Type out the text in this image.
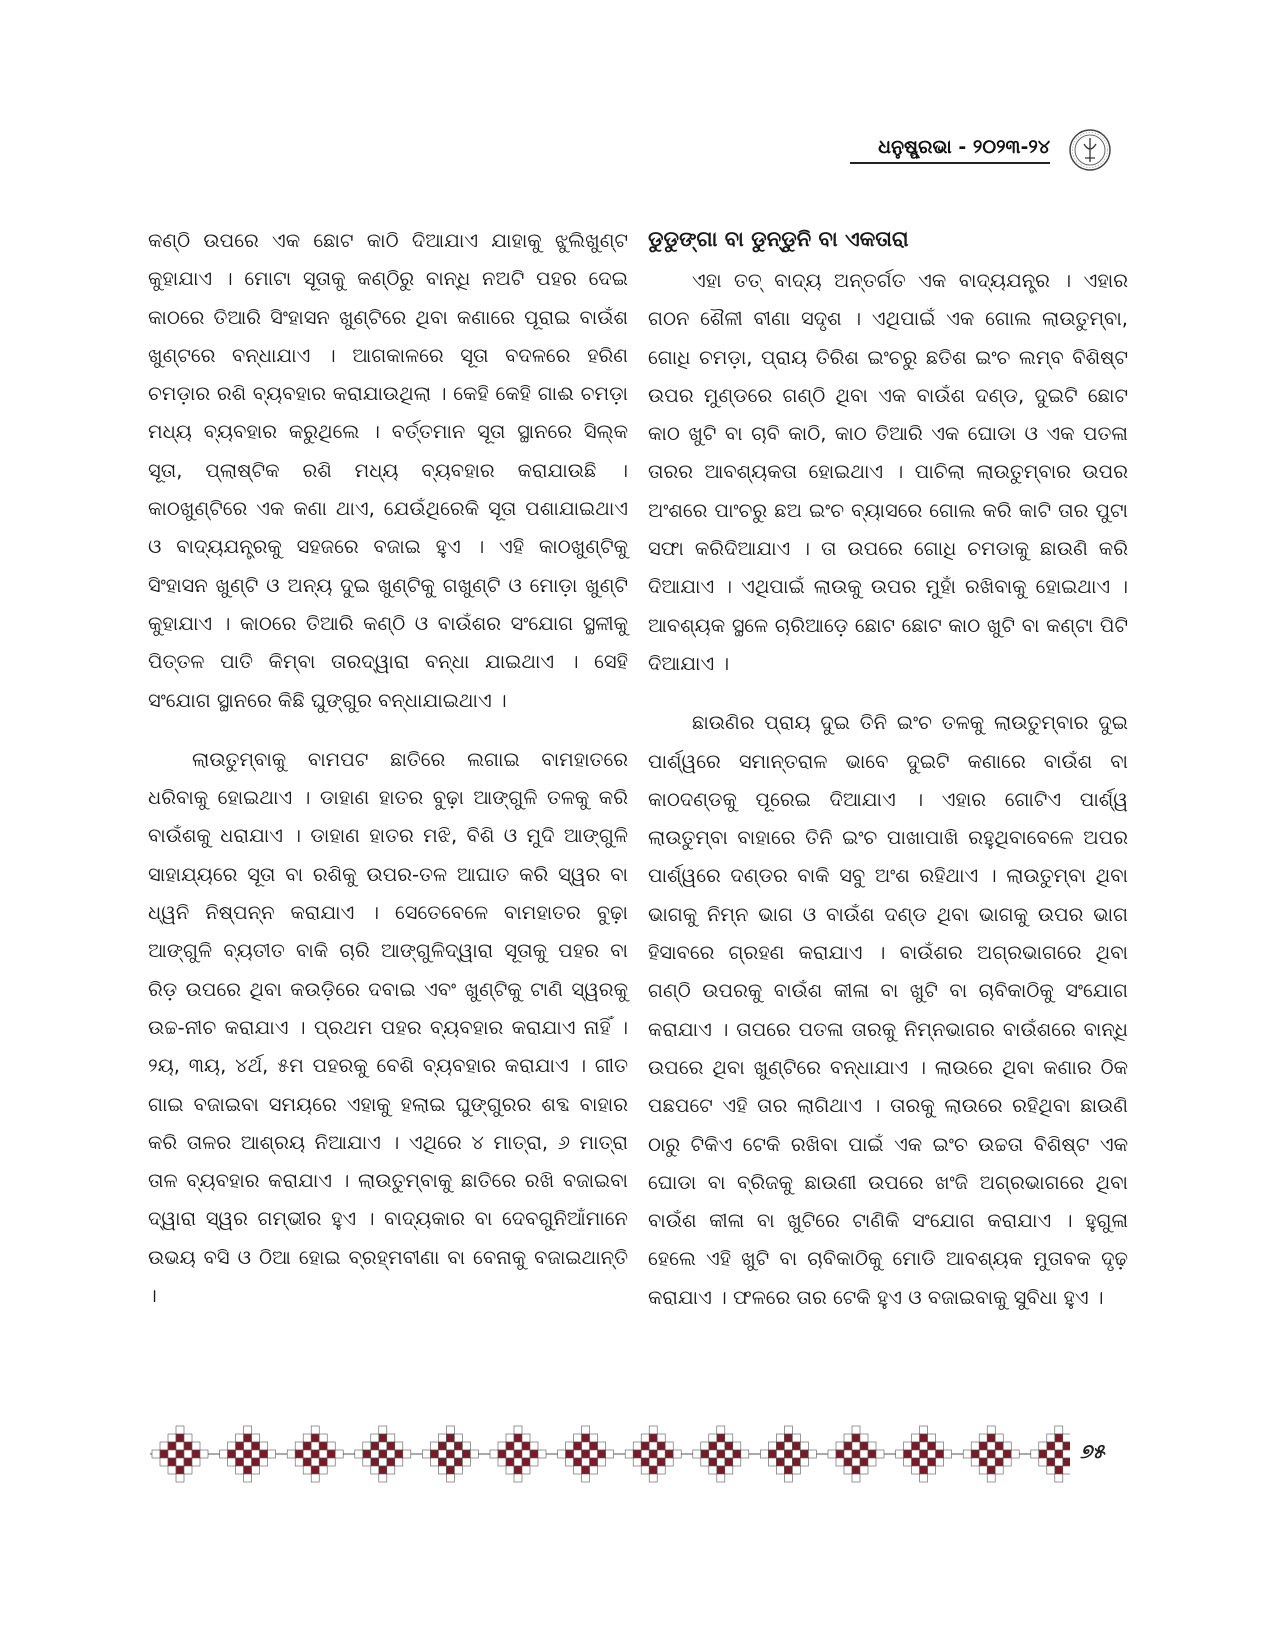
ଧନୁଷ୍ପ୍ରଭା - ୨୦୨୩-୨୪

କଣ୍ଠି ଉପରେ ଏକ ଛୋଟ କାଠି ଦିଆଯାଏ ଯାହାକୁ ଝୁଲିଖୁଣ୍ଟ କୁହାଯାଏ । ମୋଟା ସୂତାକୁ କଣ୍ଠିରୁ ବାନ୍ଧି ନଅଟି ପହର ଦେଇ କାଠରେ ତିଆରି ସିଂହାସନ ଖୁଣ୍ଟିରେ ଥିବା କଣାରେ ପୂରାଇ ବାଉଁଶ ଖୁଣ୍ଟରେ ବନ୍ଧାଯାଏ । ଆଗକାଳରେ ସୂତା ବଦଳରେ ହରିଣ ଚମଡ଼ାର ରଶି ବ୍ୟବହାର କରାଯାଉଥିଲା । କେହି କେହି ଗାଈ ଚମଡ଼ା ମଧ୍ୟ ବ୍ୟବହାର କରୁଥିଲେ । ବର୍ତ୍ତମାନ ସୂତା ସ୍ଥାନରେ ସିଲ୍କ ସୂତା, ପ୍ଲାଷ୍ଟିକ ରଶି ମଧ୍ୟ ବ୍ୟବହାର କରାଯାଉଛି । କାଠଖୁଣ୍ଟିରେ ଏକ କଣା ଥାଏ, ଯେଉଁଥିରେକି ସୂତା ପଶାଯାଇଥାଏ ଓ ବାଦ୍ୟଯନ୍ତ୍ରକୁ ସହଜରେ ବଜାଇ ହୁଏ । ଏହି କାଠଖୁଣ୍ଟିକୁ ସିଂହାସନ ଖୁଣ୍ଟି ଓ ଅନ୍ୟ ଦୁଇ ଖୁଣ୍ଟିକୁ ଗଖୁଣ୍ଟି ଓ ମୋଡ଼ା ଖୁଣ୍ଟି କୁହାଯାଏ । କାଠରେ ତିଆରି କଣ୍ଠି ଓ ବାଉଁଶର ସଂଯୋଗ ସ୍ଥଳୀକୁ ପିତ୍ତଳ ପାତି କିମ୍ବା ତାରଦ୍ୱାରା ବନ୍ଧା ଯାଇଥାଏ । ସେହି ସଂଯୋଗ ସ୍ଥାନରେ କିଛି ଘୁଙ୍ଗୁର ବନ୍ଧାଯାଇଥାଏ ।

ଲାଉତୁମ୍ବାକୁ ବାମପଟ ଛାତିରେ ଲଗାଇ ବାମହାତରେ ଧରିବାକୁ ହୋଇଥାଏ । ଡାହାଣ ହାତର ବୁଢ଼ା ଆଙ୍ଗୁଳି ତଳକୁ କରି ବାଉଁଶକୁ ଧରାଯାଏ । ଡାହାଣ ହାତର ମଝି, ବିଶି ଓ ମୁଦି ଆଙ୍ଗୁଳି ସାହାଯ୍ୟରେ ସୂତା ବା ରଶିକୁ ଉପର-ତଳ ଆଘାତ କରି ସ୍ୱର ବା ଧ୍ୱନି ନିଷ୍ପନ୍ନ କରାଯାଏ । ସେତେବେଳେ ବାମହାତର ବୁଢ଼ା ଆଙ୍ଗୁଳି ବ୍ୟତୀତ ବାକି ଚାରି ଆଙ୍ଗୁଳିଦ୍ୱାରା ସୂତାକୁ ପହର ବା ରିଡ଼ ଉପରେ ଥିବା କଉଡ଼ିରେ ଦବାଇ ଏବଂ ଖୁଣ୍ଟିକୁ ଟାଣି ସ୍ୱରକୁ ଉଚ୍ଚ-ନୀଚ କରାଯାଏ । ପ୍ରଥମ ପହର ବ୍ୟବହାର କରାଯାଏ ନାହିଁ । ୨ୟ, ୩ୟ, ୪ର୍ଥ, ୫ମ ପହରକୁ ବେଶି ବ୍ୟବହାର କରାଯାଏ । ଗୀତ ଗାଇ ବଜାଇବା ସମୟରେ ଏହାକୁ ହଲାଇ ଘୁଙ୍ଗୁରର ଶବ୍ଦ ବାହାର କରି ତାଳର ଆଶ୍ରୟ ନିଆଯାଏ । ଏଥିରେ ୪ ମାତ୍ରା, ୬ ମାତ୍ରା ତାଳ ବ୍ୟବହାର କରାଯାଏ । ଲାଉତୁମ୍ବାକୁ ଛାତିରେ ରଖି ବଜାଇବା ଦ୍ୱାରା ସ୍ୱର ଗମ୍ଭୀର ହୁଏ । ବାଦ୍ୟକାର ବା ଦେବଗୁନିଆଁମାନେ ଉଭୟ ବସି ଓ ଠିଆ ହୋଇ ବ୍ରହ୍ମବୀଣା ବା ବେନାକୁ ବଜାଇଥାନ୍ତି ।

ଡୁଡୁଙ୍ଗା ବା ଡୁନ୍‌ଡୁନି ବା ଏକତାରା

ଏହା ତତ୍‌ ବାଦ୍ୟ ଅନ୍ତର୍ଗତ ଏକ ବାଦ୍ୟଯନ୍ତ୍ର । ଏହାର ଗଠନ ଶୈଳୀ ବୀଣା ସଦୃଶ । ଏଥିପାଇଁ ଏକ ଗୋଲ ଲାଉତୁମ୍ବା, ଗୋଧି ଚମଡ଼ା, ପ୍ରାୟ ତିରିଶ ଇଂଚରୁ ଛତିଶ ଇଂଚ ଲମ୍ବ ବିଶିଷ୍ଟ ଉପର ମୁଣ୍ଡରେ ଗଣ୍ଠି ଥିବା ଏକ ବାଉଁଶ ଦଣ୍ଡ, ଦୁଇଟି ଛୋଟ କାଠ ଖୁଟି ବା ଚାବି କାଠି, କାଠ ତିଆରି ଏକ ଘୋଡା ଓ ଏକ ପତଳା ତାରର ଆବଶ୍ୟକତା ହୋଇଥାଏ । ପାଚିଲା ଲାଉତୁମ୍ବାର ଉପର ଅଂଶରେ ପାଂଚରୁ ଛଅ ଇଂଚ ବ୍ୟାସରେ ଗୋଲ କରି କାଟି ତାର ପୁଟା ସଫା କରିଦିଆଯାଏ । ତା ଉପରେ ଗୋଧି ଚମଡାକୁ ଛାଉଣି କରି ଦିଆଯାଏ । ଏଥିପାଇଁ ଲାଉକୁ ଉପର ମୁହାଁ ରଖିବାକୁ ହୋଇଥାଏ । ଆବଶ୍ୟକ ସ୍ଥଳେ ଚାରିଆଡ଼େ ଛୋଟ ଛୋଟ କାଠ ଖୁଟି ବା କଣ୍ଟା ପିଟି ଦିଆଯାଏ ।

ଛାଉଣିର ପ୍ରାୟ ଦୁଇ ତିନି ଇଂଚ ତଳକୁ ଲାଉତୁମ୍ବାର ଦୁଇ ପାର୍ଶ୍ୱରେ ସମାନ୍ତରାଳ ଭାବେ ଦୁଇଟି କଣାରେ ବାଉଁଶ ବା କାଠଦଣ୍ଡକୁ ପୂରେଇ ଦିଆଯାଏ । ଏହାର ଗୋଟିଏ ପାର୍ଶ୍ୱ ଲାଉତୁମ୍ବା ବାହାରେ ତିନି ଇଂଚ ପାଖାପାଖି ରହୁଥିବାବେଳେ ଅପର ପାର୍ଶ୍ୱରେ ଦଣ୍ଡର ବାକି ସବୁ ଅଂଶ ରହିଥାଏ । ଲାଉତୁମ୍ବା ଥିବା ଭାଗକୁ ନିମ୍ନ ଭାଗ ଓ ବାଉଁଶ ଦଣ୍ଡ ଥିବା ଭାଗକୁ ଉପର ଭାଗ ହିସାବରେ ଗ୍ରହଣ କରାଯାଏ । ବାଉଁଶର ଅଗ୍ରଭାଗରେ ଥିବା ଗଣ୍ଠି ଉପରକୁ ବାଉଁଶ କୀଳା ବା ଖୁଟି ବା ଚାବିକାଠିକୁ ସଂଯୋଗ କରାଯାଏ । ତାପରେ ପତଳା ତାରକୁ ନିମ୍ନଭାଗର ବାଉଁଶରେ ବାନ୍ଧି ଉପରେ ଥିବା ଖୁଣ୍ଟିରେ ବନ୍ଧାଯାଏ । ଲାଉରେ ଥିବା କଣାର ଠିକ ପଛପଟେ ଏହି ତାର ଲାଗିଥାଏ । ତାରକୁ ଲାଉରେ ରହିଥିବା ଛାଉଣି ଠାରୁ ଟିକିଏ ଟେକି ରଖିବା ପାଇଁ ଏକ ଇଂଚ ଉଚ୍ଚତା ବିଶିଷ୍ଟ ଏକ ଘୋଡା ବା ବ୍ରିଜକୁ ଛାଉଣୀ ଉପରେ ଖଂଜି ଅଗ୍ରଭାଗରେ ଥିବା ବାଉଁଶ କୀଳା ବା ଖୁଟିରେ ଟାଣିକି ସଂଯୋଗ କରାଯାଏ । ହୁଗୁଳା ହେଲେ ଏହି ଖୁଟି ବା ଚାବିକାଠିକୁ ମୋଡି ଆବଶ୍ୟକ ମୁତାବକ ଦୃଢ଼ କରାଯାଏ । ଫଳରେ ତାର ଟେକି ହୁଏ ଓ ବଜାଇବାକୁ ସୁବିଧା ହୁଏ ।

୭୫
